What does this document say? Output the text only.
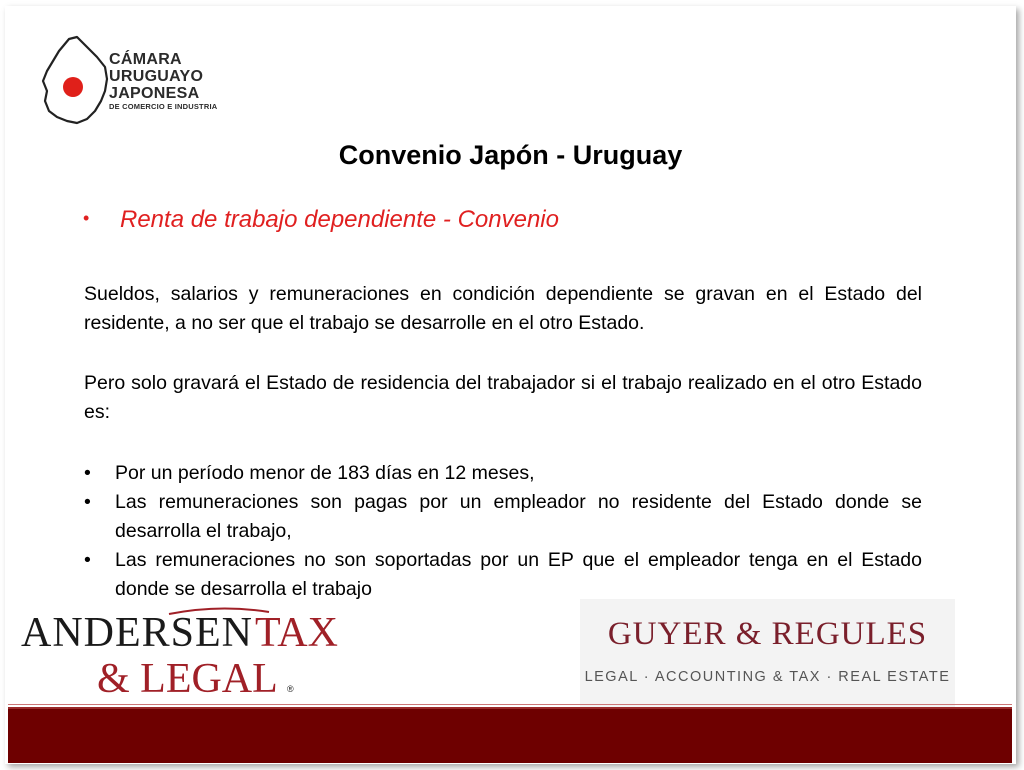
CÁMARA
URUGUAYO
JAPONESA
DE COMERCIO E INDUSTRIA
Convenio Japón - Uruguay
• Renta de trabajo dependiente - Convenio
Sueldos, salarios y remuneraciones en condición dependiente se gravan en el Estado del residente, a no ser que el trabajo se desarrolle en el otro Estado.
Pero solo gravará el Estado de residencia del trabajador si el trabajo realizado en el otro Estado es:
• Por un período menor de 183 días en 12 meses,
• Las remuneraciones son pagas por un empleador no residente del Estado donde se desarrolla el trabajo,
• Las remuneraciones no son soportadas por un EP que el empleador tenga en el Estado donde se desarrolla el trabajo
ANDERSEN TAX
& LEGAL ®
GUYER & REGULES
LEGAL · ACCOUNTING & TAX · REAL ESTATE
